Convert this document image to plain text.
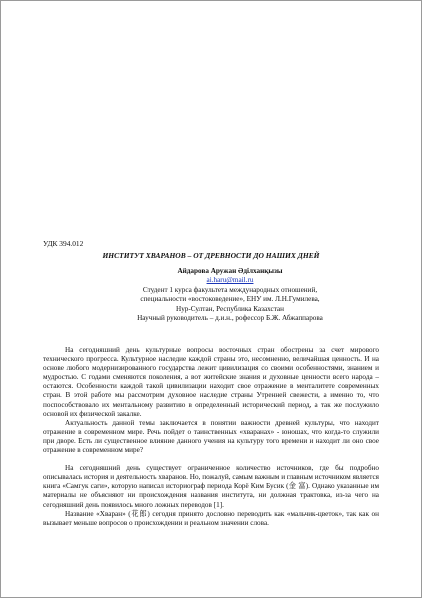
УДК 394.012
ИНСТИТУТ ХВАРАНОВ – ОТ ДРЕВНОСТИ ДО НАШИХ ДНЕЙ
Айдарова Аружан Әділханқызы
ai.haru@mail.ru
Студент 1 курса факультета международных отношений,
специальности «востоковедение», ЕНУ им. Л.Н.Гумилева,
Нур-Султан, Республика Казахстан
Научный руководитель – д.и.н., рофессор Б.Ж. Абжаппарова

На сегодняшний день культурные вопросы восточных стран обострены за счет мирового технического прогресса. Культурное наследие каждой страны это, несомненно, величайшая ценность. И на основе любого модернизированного государства лежит цивилизация со своими особенностями, знанием и мудростью. С годами сменяются поколения, а вот житейские знания и духовные ценности всего народа – остаются. Особенности каждой такой цивилизации находит свое отражение в менталитете современных стран. В этой работе мы рассмотрим духовное наследие страны Утренней свежести, а именно то, что поспособствовало их ментальному развитию в определенный исторический период, а так же послужило основой их физической закалке.

Актуальность данной темы заключается в понятии важности древней культуры, что находит отражение в современном мире. Речь пойдет о таинственных «хваранах» - юношах, что когда-то служили при дворе. Есть ли существенное влияние данного учения на культуру того времени и находит ли оно свое отражение в современном мире?

На сегодняшний день существует ограниченное количество источников, где бы подробно описывалась история и деятельность хваранов. Но, пожалуй, самым важным и главным источником является книга «Самгук саги», которую написал историограф периода Корё Ким Бусик (金 富). Однако указанные им материалы не объясняют ни происхождения названия института, ни должная трактовка, из-за чего на сегодняшний день появилось много ложных переводов [1].

Название «Хваран» (花郎) сегодня принято дословно переводить как «мальчик-цветок», так как он вызывает меньше вопросов о происхождении и реальном значении слова.
